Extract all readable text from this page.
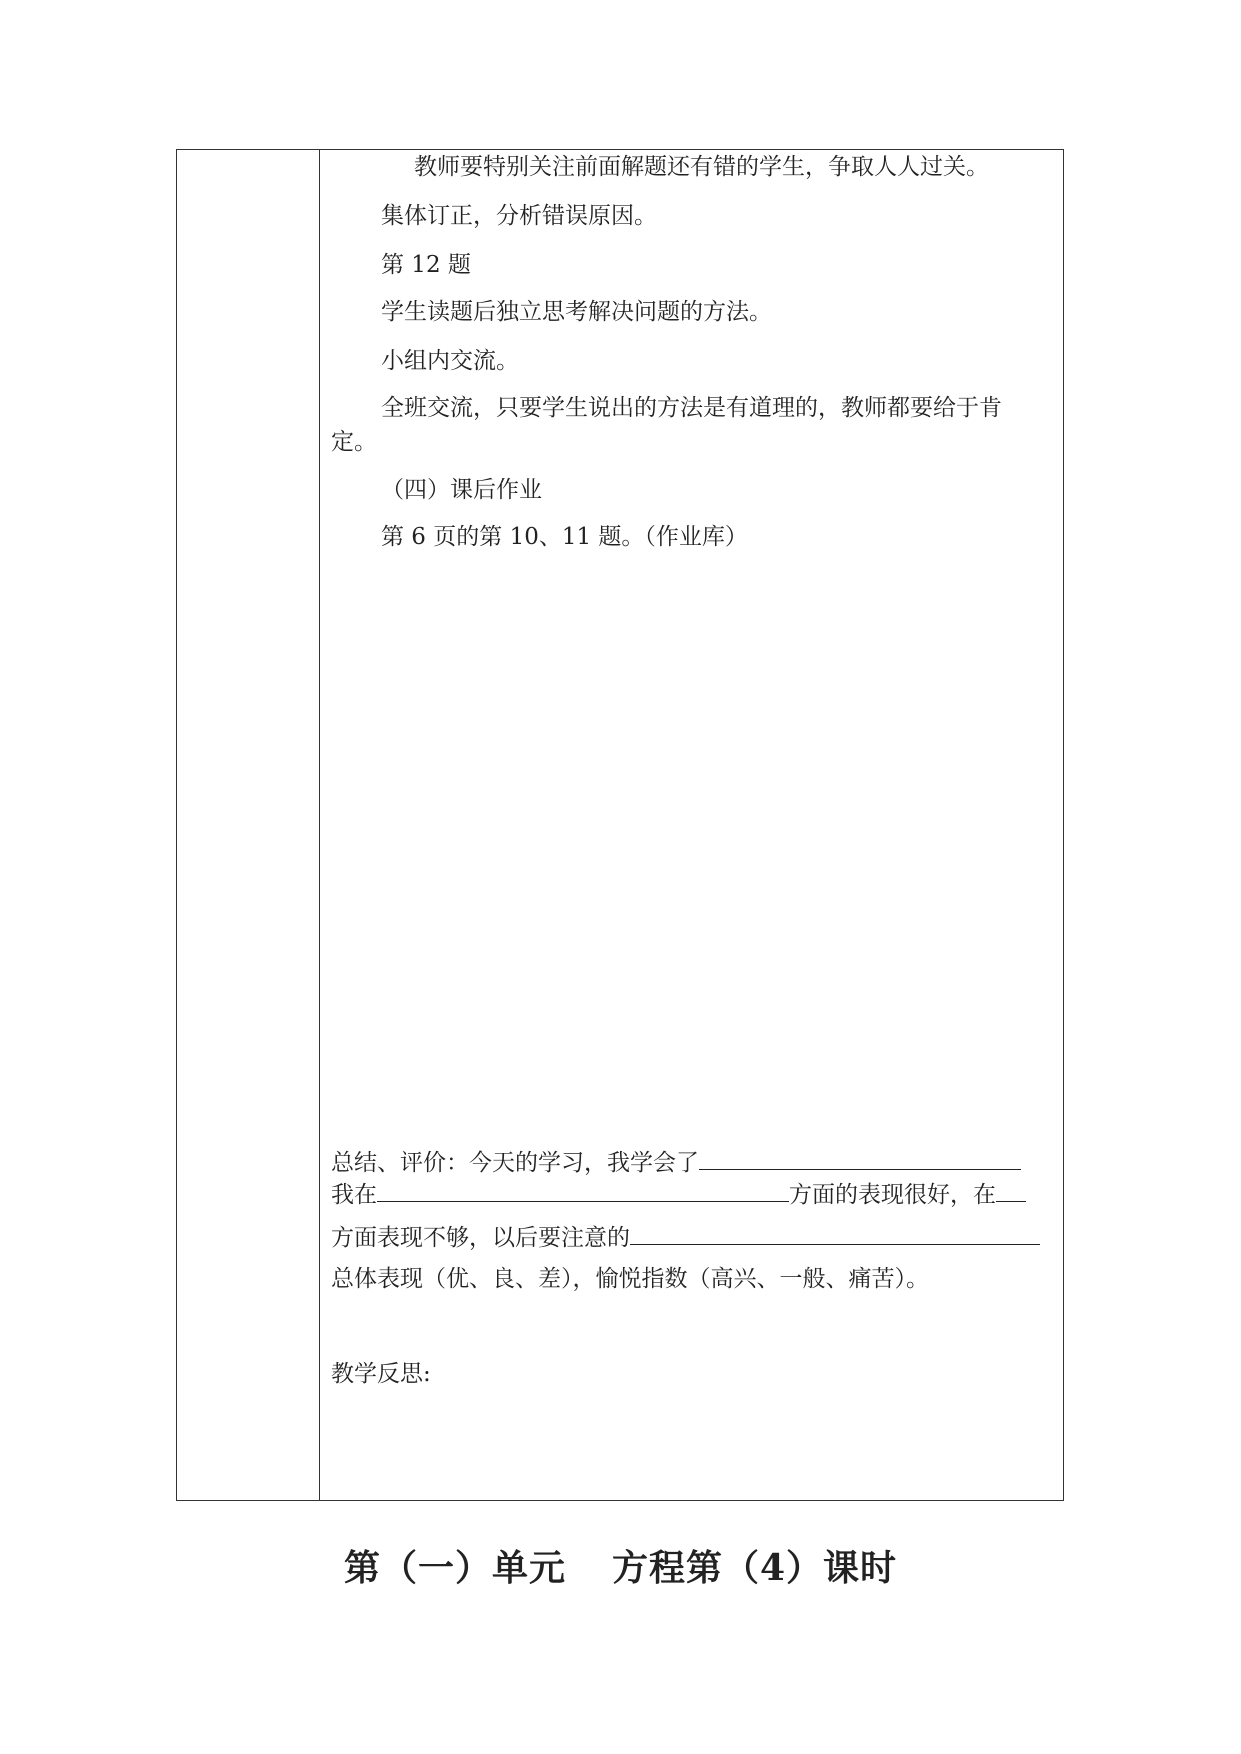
教师要特别关注前面解题还有错的学生，争取人人过关。

集体订正，分析错误原因。

第 12 题

学生读题后独立思考解决问题的方法。

小组内交流。

全班交流，只要学生说出的方法是有道理的，教师都要给于肯

定。

（四）课后作业

第 6 页的第 10、11 题。（作业库）

总结、评价：今天的学习，我学会了

我在	方面的表现很好，在

方面表现不够，以后要注意的

总体表现（优、良、差），愉悦指数（高兴、一般、痛苦）。

教学反思:

第（一）单元 方程第（4）课时
